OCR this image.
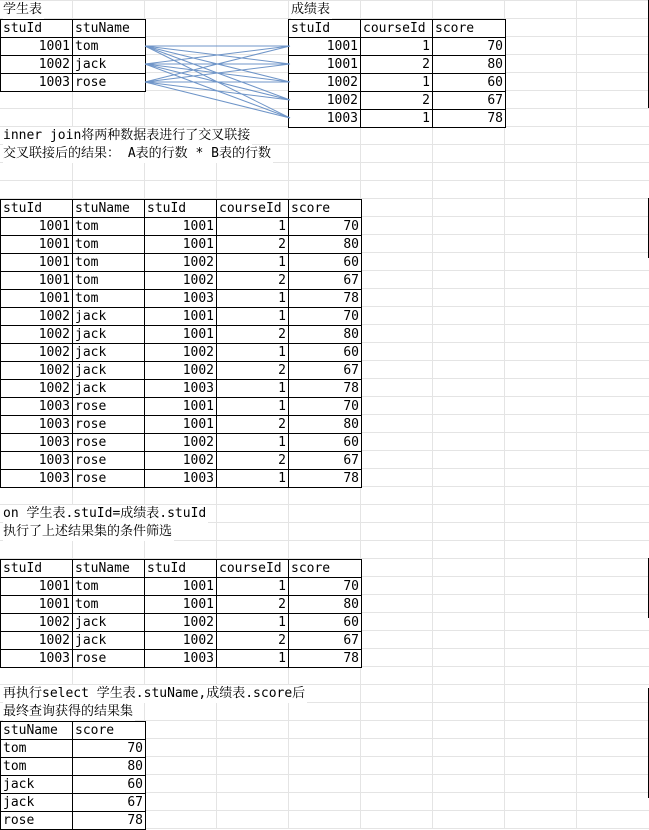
学生表	成绩表
stuId	stuName
1001	tom
1002	jack
1003	rose
stuId	courseId	score
1001	1	70
1001	2	80
1002	1	60
1002	2	67
1003	1	78
inner join将两种数据表进行了交叉联接
交叉联接后的结果： A表的行数 * B表的行数
stuId	stuName	stuId	courseId	score
1001	tom	1001	1	70
1001	tom	1001	2	80
1001	tom	1002	1	60
1001	tom	1002	2	67
1001	tom	1003	1	78
1002	jack	1001	1	70
1002	jack	1001	2	80
1002	jack	1002	1	60
1002	jack	1002	2	67
1002	jack	1003	1	78
1003	rose	1001	1	70
1003	rose	1001	2	80
1003	rose	1002	1	60
1003	rose	1002	2	67
1003	rose	1003	1	78
on 学生表.stuId=成绩表.stuId
执行了上述结果集的条件筛选
stuId	stuName	stuId	courseId	score
1001	tom	1001	1	70
1001	tom	1001	2	80
1002	jack	1002	1	60
1002	jack	1002	2	67
1003	rose	1003	1	78
再执行select 学生表.stuName,成绩表.score后
最终查询获得的结果集
stuName	score
tom	70
tom	80
jack	60
jack	67
rose	78
